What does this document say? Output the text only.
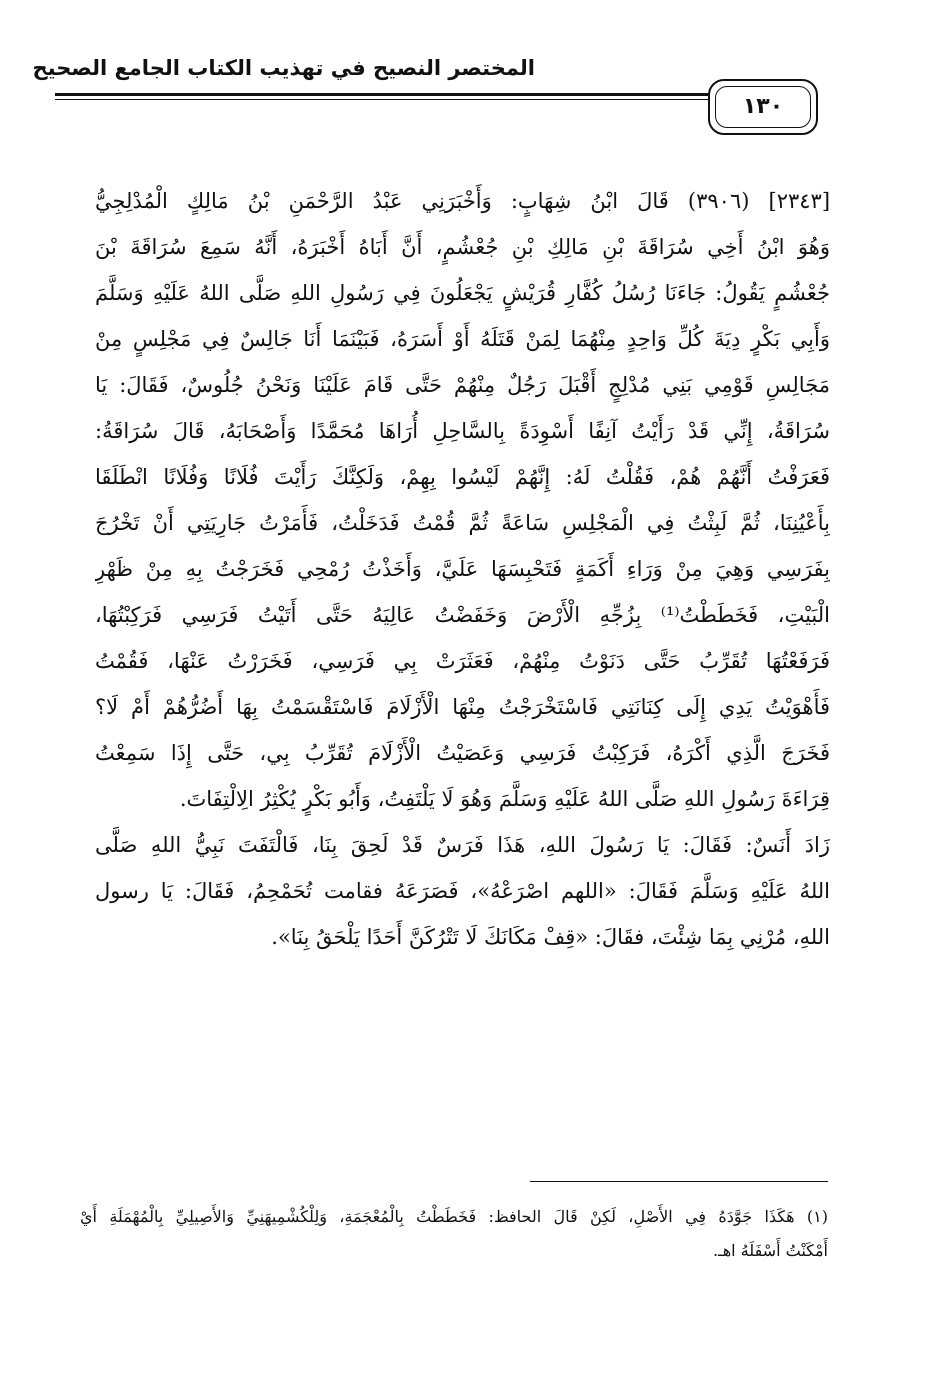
المختصر النصيح في تهذيب الكتاب الجامع الصحيح
١٣٠
[٢٣٤٣] (٣٩٠٦) قَالَ ابْنُ شِهَابٍ: وَأَخْبَرَنِي عَبْدُ الرَّحْمَنِ بْنُ مَالِكٍ الْمُدْلِجِيُّ
وَهُوَ ابْنُ أَخِي سُرَاقَةَ بْنِ مَالِكِ بْنِ جُعْشُمٍ، أَنَّ أَبَاهُ أَخْبَرَهُ، أَنَّهُ سَمِعَ سُرَاقَةَ بْنَ
جُعْشُمٍ يَقُولُ: جَاءَنَا رُسُلُ كُفَّارِ قُرَيْشٍ يَجْعَلُونَ فِي رَسُولِ اللهِ صَلَّى اللهُ عَلَيْهِ وَسَلَّمَ
وَأَبِي بَكْرٍ دِيَةَ كُلِّ وَاحِدٍ مِنْهُمَا لِمَنْ قَتَلَهُ أَوْ أَسَرَهُ، فَبَيْنَمَا أَنَا جَالِسٌ فِي مَجْلِسٍ مِنْ
مَجَالِسِ قَوْمِي بَنِي مُدْلِجٍ أَقْبَلَ رَجُلٌ مِنْهُمْ حَتَّى قَامَ عَلَيْنَا وَنَحْنُ جُلُوسٌ، فَقَالَ: يَا
سُرَاقَةُ، إِنِّي قَدْ رَأَيْتُ آنِفًا أَسْوِدَةً بِالسَّاحِلِ أُرَاهَا مُحَمَّدًا وَأَصْحَابَهُ، قَالَ سُرَاقَةُ:
فَعَرَفْتُ أَنَّهُمْ هُمْ، فَقُلْتُ لَهُ: إِنَّهُمْ لَيْسُوا بِهِمْ، وَلَكِنَّكَ رَأَيْتَ فُلَانًا وَفُلَانًا انْطَلَقَا
بِأَعْيُنِنَا، ثُمَّ لَبِثْتُ فِي الْمَجْلِسِ سَاعَةً ثُمَّ قُمْتُ فَدَخَلْتُ، فَأَمَرْتُ جَارِيَتِي أَنْ تَخْرُجَ
بِفَرَسِي وَهِيَ مِنْ وَرَاءِ أَكَمَةٍ فَتَحْبِسَهَا عَلَيَّ، وَأَخَذْتُ رُمْحِي فَخَرَجْتُ بِهِ مِنْ ظَهْرِ
الْبَيْتِ، فَخَطَطْتُ⁽¹⁾ بِزُجِّهِ الْأَرْضَ وَخَفَضْتُ عَالِيَهُ حَتَّى أَتَيْتُ فَرَسِي فَرَكِبْتُهَا،
فَرَفَعْتُهَا تُقَرِّبُ حَتَّى دَنَوْتُ مِنْهُمْ، فَعَثَرَتْ بِي فَرَسِي، فَخَرَرْتُ عَنْهَا، فَقُمْتُ
فَأَهْوَيْتُ يَدِي إِلَى كِنَانَتِي فَاسْتَخْرَجْتُ مِنْهَا الْأَزْلَامَ فَاسْتَقْسَمْتُ بِهَا أَضُرُّهُمْ أَمْ لَا؟
فَخَرَجَ الَّذِي أَكْرَهُ، فَرَكِبْتُ فَرَسِي وَعَصَيْتُ الْأَزْلَامَ تُقَرِّبُ بِي، حَتَّى إِذَا سَمِعْتُ
قِرَاءَةَ رَسُولِ اللهِ صَلَّى اللهُ عَلَيْهِ وَسَلَّمَ وَهُوَ لَا يَلْتَفِتُ، وَأَبُو بَكْرٍ يُكْثِرُ الِالْتِفَاتَ.
زَادَ أَنَسٌ: فَقَالَ: يَا رَسُولَ اللهِ، هَذَا فَرَسٌ قَدْ لَحِقَ بِنَا، فَالْتَفَتَ نَبِيُّ اللهِ صَلَّى
اللهُ عَلَيْهِ وَسَلَّمَ فَقَالَ: «اللهم اصْرَعْهُ»، فَصَرَعَهُ فقامت تُحَمْحِمُ، فَقَالَ: يَا رسول
اللهِ، مُرْنِي بِمَا شِئْتَ، فقَالَ: «قِفْ مَكَانَكَ لَا تَتْرُكَنَّ أَحَدًا يَلْحَقُ بِنَا».
(١) هَكَذَا جَوَّدَهُ فِي الأَصْلِ، لَكِنْ قَالَ الحافظ: فَخَطَطْتُ بِالْمُعْجَمَةِ، وَلِلْكُشْمِيهَنِيِّ وَالأَصِيلِيِّ بِالْمُهْمَلَةِ أَيْ
أَمْكَنْتُ أَسْفَلَهُ اهـ.
